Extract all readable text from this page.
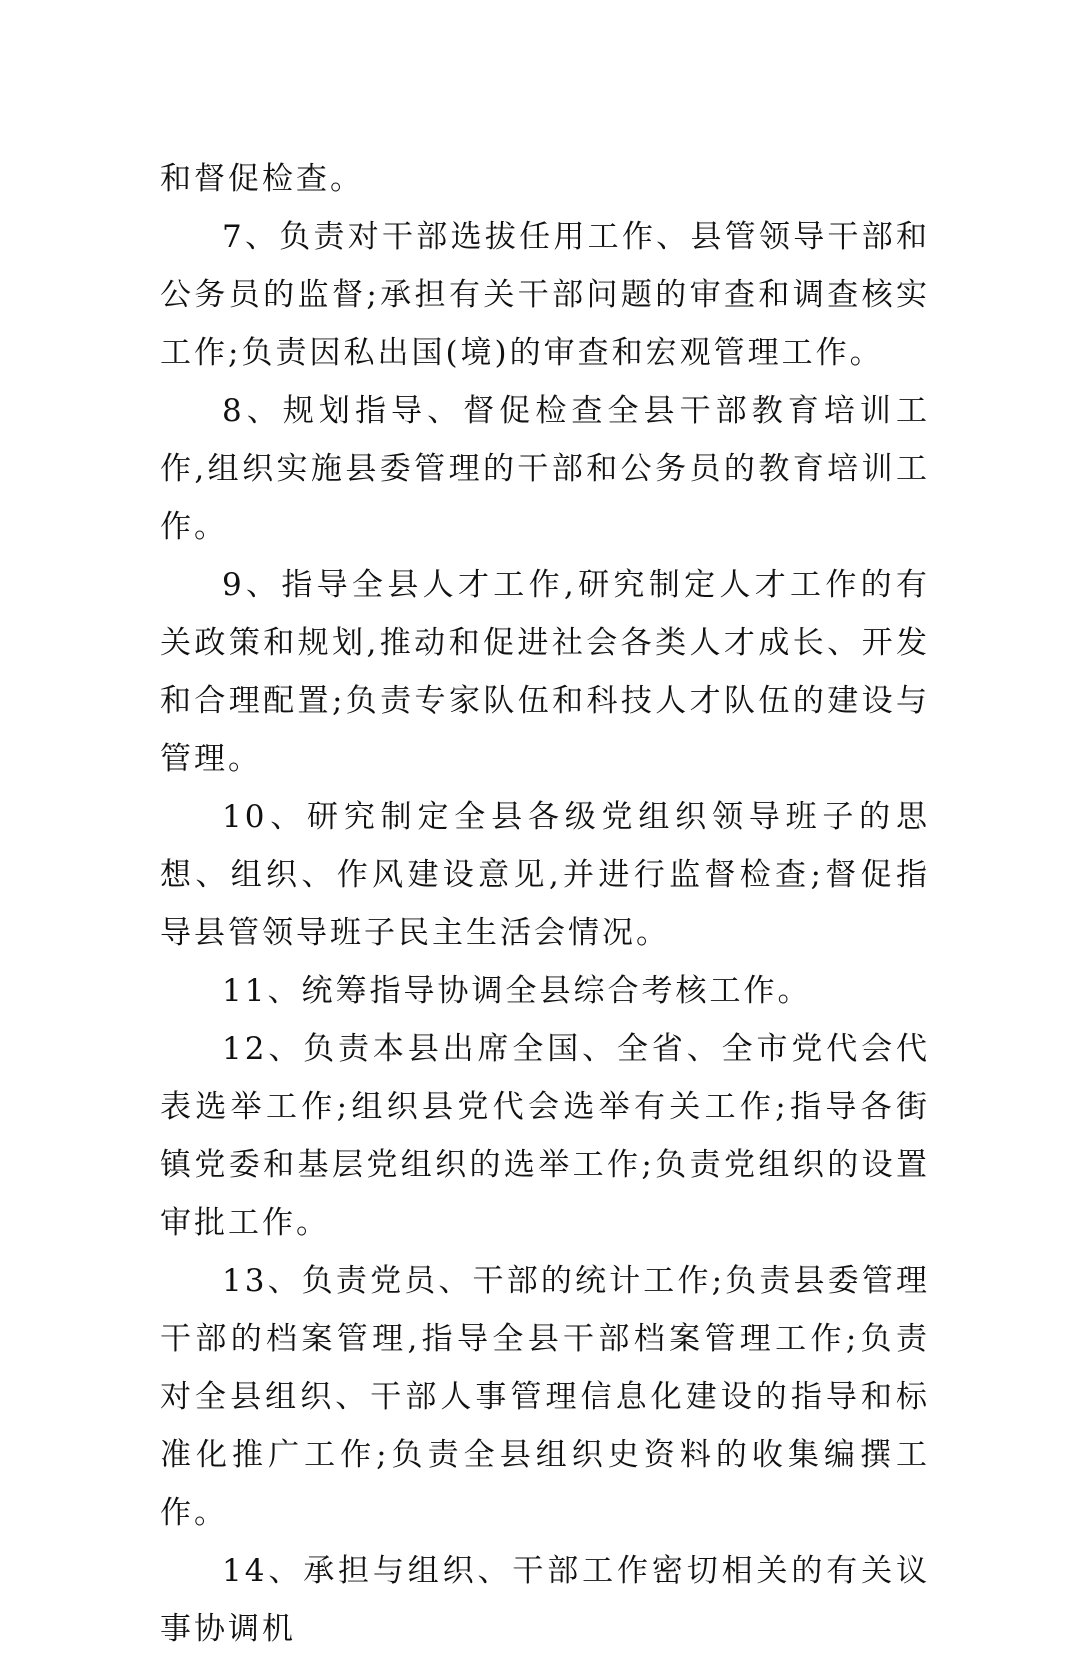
和督促检查。

7、负责对干部选拔任用工作、县管领导干部和公务员的监督;承担有关干部问题的审查和调查核实工作;负责因私出国(境)的审查和宏观管理工作。

8、规划指导、督促检查全县干部教育培训工作,组织实施县委管理的干部和公务员的教育培训工作。

9、指导全县人才工作,研究制定人才工作的有关政策和规划,推动和促进社会各类人才成长、开发和合理配置;负责专家队伍和科技人才队伍的建设与管理。

10、研究制定全县各级党组织领导班子的思想、组织、作风建设意见,并进行监督检查;督促指导县管领导班子民主生活会情况。

11、统筹指导协调全县综合考核工作。

12、负责本县出席全国、全省、全市党代会代表选举工作;组织县党代会选举有关工作;指导各街镇党委和基层党组织的选举工作;负责党组织的设置审批工作。

13、负责党员、干部的统计工作;负责县委管理干部的档案管理,指导全县干部档案管理工作;负责对全县组织、干部人事管理信息化建设的指导和标准化推广工作;负责全县组织史资料的收集编撰工作。

14、承担与组织、干部工作密切相关的有关议事协调机
